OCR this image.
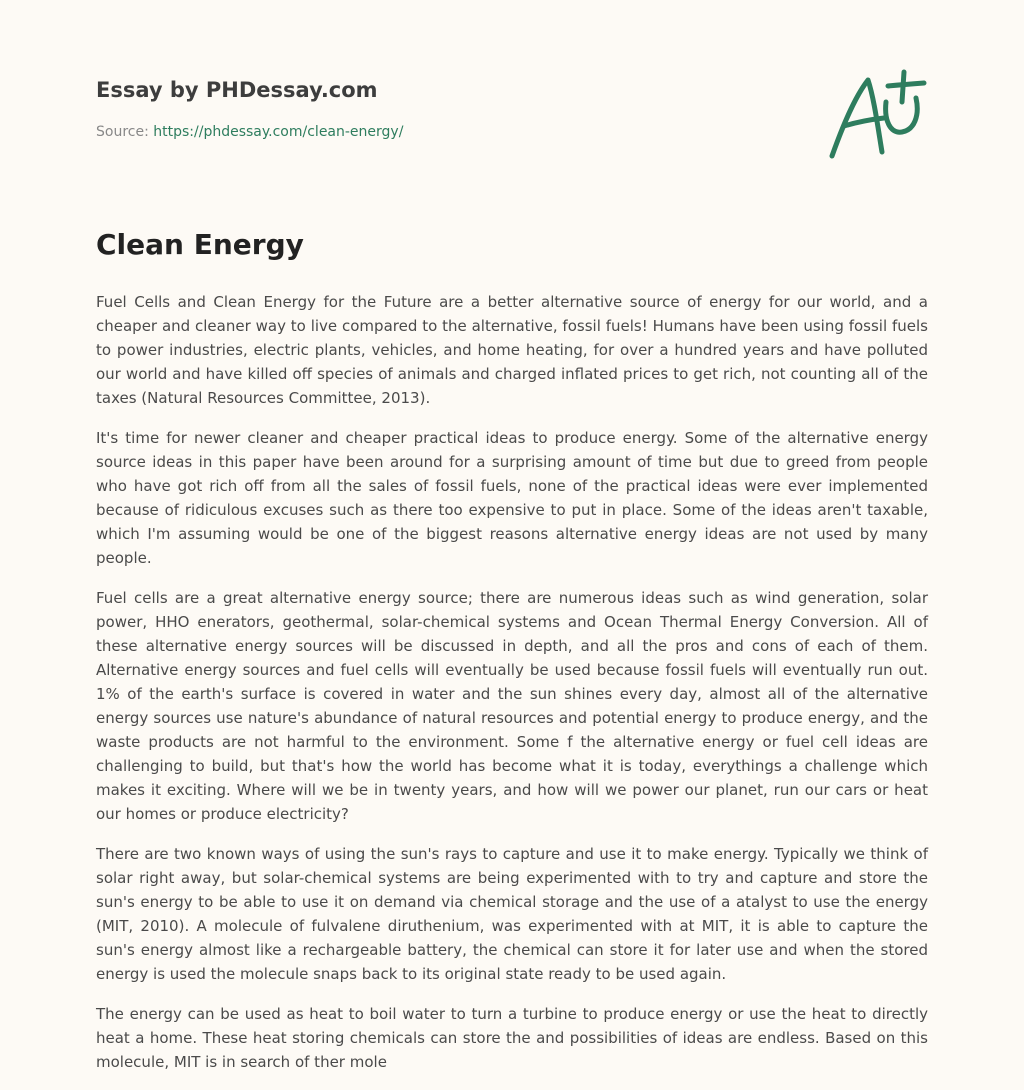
Essay by PHDessay.com
Source: https://phdessay.com/clean-energy/
Clean Energy

Fuel Cells and Clean Energy for the Future are a better alternative source of energy for our world, and a cheaper and cleaner way to live compared to the alternative, fossil fuels! Humans have been using fossil fuels to power industries, electric plants, vehicles, and home heating, for over a hundred years and have polluted our world and have killed off species of animals and charged inflated prices to get rich, not counting all of the taxes (Natural Resources Committee, 2013).

It's time for newer cleaner and cheaper practical ideas to produce energy. Some of the alternative energy source ideas in this paper have been around for a surprising amount of time but due to greed from people who have got rich off from all the sales of fossil fuels, none of the practical ideas were ever implemented because of ridiculous excuses such as there too expensive to put in place. Some of the ideas aren't taxable, which I'm assuming would be one of the biggest reasons alternative energy ideas are not used by many people.

Fuel cells are a great alternative energy source; there are numerous ideas such as wind generation, solar power, HHO enerators, geothermal, solar-chemical systems and Ocean Thermal Energy Conversion. All of these alternative energy sources will be discussed in depth, and all the pros and cons of each of them. Alternative energy sources and fuel cells will eventually be used because fossil fuels will eventually run out. 1% of the earth's surface is covered in water and the sun shines every day, almost all of the alternative energy sources use nature's abundance of natural resources and potential energy to produce energy, and the waste products are not harmful to the environment. Some f the alternative energy or fuel cell ideas are challenging to build, but that's how the world has become what it is today, everythings a challenge which makes it exciting. Where will we be in twenty years, and how will we power our planet, run our cars or heat our homes or produce electricity?

There are two known ways of using the sun's rays to capture and use it to make energy. Typically we think of solar right away, but solar-chemical systems are being experimented with to try and capture and store the sun's energy to be able to use it on demand via chemical storage and the use of a atalyst to use the energy (MIT, 2010). A molecule of fulvalene diruthenium, was experimented with at MIT, it is able to capture the sun's energy almost like a rechargeable battery, the chemical can store it for later use and when the stored energy is used the molecule snaps back to its original state ready to be used again.

The energy can be used as heat to boil water to turn a turbine to produce energy or use the heat to directly heat a home. These heat storing chemicals can store the and possibilities of ideas are endless. Based on this molecule, MIT is in search of ther mole
